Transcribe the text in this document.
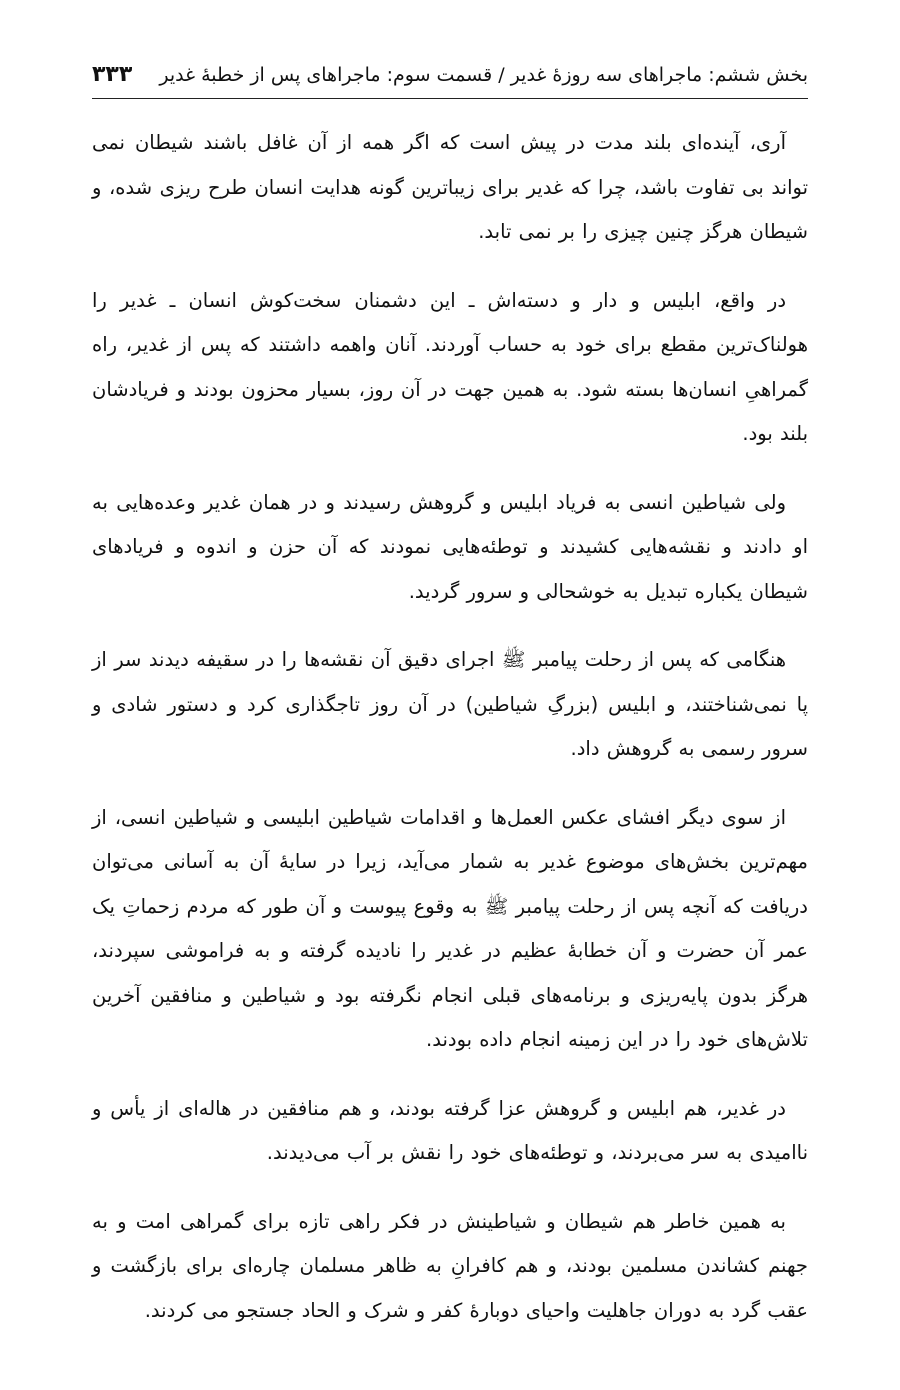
بخش ششم: ماجراهای سه روزهٔ غدیر / قسمت سوم: ماجراهای پس از خطبهٔ غدیر
۳۳۳

آری، آینده‌ای بلند مدت در پیش است که اگر همه از آن غافل باشند شیطان نمی تواند بی تفاوت باشد، چرا که غدیر برای زیباترین گونه هدایت انسان طرح ریزی شده، و شیطان هرگز چنین چیزی را بر نمی تابد.

در واقع، ابلیس و دار و دسته‌اش ـ این دشمنان سخت‌کوش انسان ـ غدیر را هولناک‌ترین مقطع برای خود به حساب آوردند. آنان واهمه داشتند که پس از غدیر، راه گمراهیِ انسان‌ها بسته شود. به همین جهت در آن روز، بسیار محزون بودند و فریادشان بلند بود.

ولی شیاطین انسی به فریاد ابلیس و گروهش رسیدند و در همان غدیر وعده‌هایی به او دادند و نقشه‌هایی کشیدند و توطئه‌هایی نمودند که آن حزن و اندوه و فریادهای شیطان یکباره تبدیل به خوشحالی و سرور گردید.

هنگامی که پس از رحلت پیامبر ﷺ اجرای دقیق آن نقشه‌ها را در سقیفه دیدند سر از پا نمی‌شناختند، و ابلیس (بزرگِ شیاطین) در آن روز تاجگذاری کرد و دستور شادی و سرور رسمی به گروهش داد.

از سوی دیگر افشای عکس العمل‌ها و اقدامات شیاطین ابلیسی و شیاطین انسی، از مهم‌ترین بخش‌های موضوع غدیر به شمار می‌آید، زیرا در سایهٔ آن به آسانی می‌توان دریافت که آنچه پس از رحلت پیامبر ﷺ به وقوع پیوست و آن طور که مردم زحماتِ یک عمر آن حضرت و آن خطابهٔ عظیم در غدیر را نادیده گرفته و به فراموشی سپردند، هرگز بدون پایه‌ریزی و برنامه‌های قبلی انجام نگرفته بود و شیاطین و منافقین آخرین تلاش‌های خود را در این زمینه انجام داده بودند.

در غدیر، هم ابلیس و گروهش عزا گرفته بودند، و هم منافقین در هاله‌ای از یأس و ناامیدی به سر می‌بردند، و توطئه‌های خود را نقش بر آب می‌دیدند.

به همین خاطر هم شیطان و شیاطینش در فکر راهی تازه برای گمراهی امت و به جهنم کشاندن مسلمین بودند، و هم کافرانِ به ظاهر مسلمان چاره‌ای برای بازگشت و عقب گرد به دوران جاهلیت واحیای دوبارهٔ کفر و شرک و الحاد جستجو می کردند.
